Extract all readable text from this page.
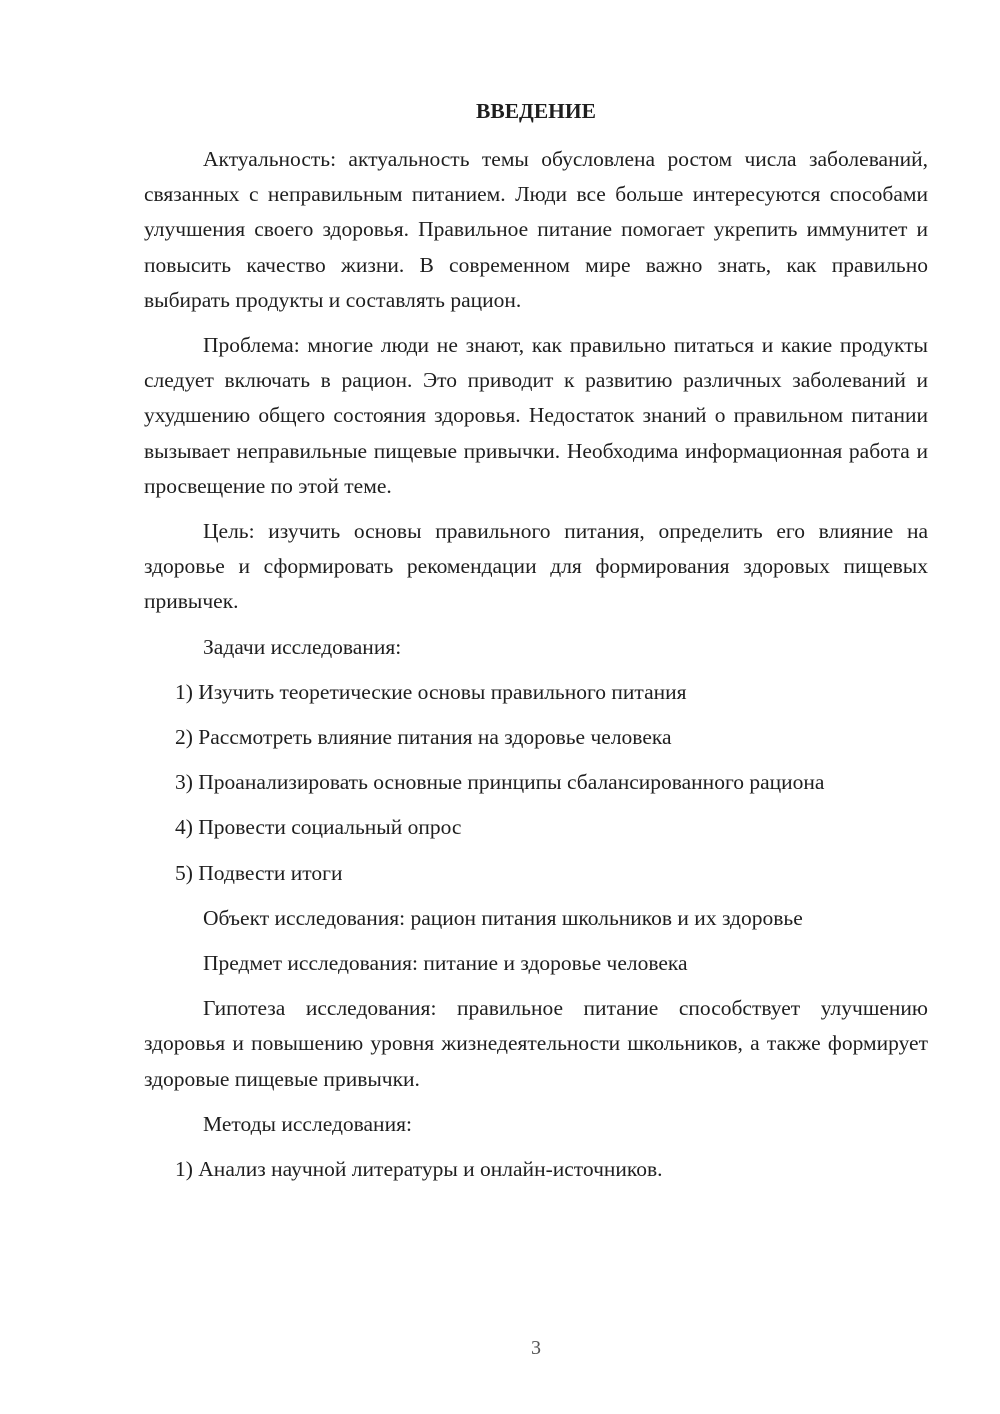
ВВЕДЕНИЕ

Актуальность: актуальность темы обусловлена ростом числа заболеваний, связанных с неправильным питанием. Люди все больше интересуются способами улучшения своего здоровья. Правильное питание помогает укрепить иммунитет и повысить качество жизни. В современном мире важно знать, как правильно выбирать продукты и составлять рацион.

Проблема: многие люди не знают, как правильно питаться и какие продукты следует включать в рацион. Это приводит к развитию различных заболеваний и ухудшению общего состояния здоровья. Недостаток знаний о правильном питании вызывает неправильные пищевые привычки. Необходима информационная работа и просвещение по этой теме.

Цель: изучить основы правильного питания, определить его влияние на здоровье и сформировать рекомендации для формирования здоровых пищевых привычек.

Задачи исследования:

1) Изучить теоретические основы правильного питания

2) Рассмотреть влияние питания на здоровье человека

3) Проанализировать основные принципы сбалансированного рациона

4) Провести социальный опрос

5) Подвести итоги

Объект исследования: рацион питания школьников и их здоровье

Предмет исследования: питание и здоровье человека

Гипотеза исследования: правильное питание способствует улучшению здоровья и повышению уровня жизнедеятельности школьников, а также формирует здоровые пищевые привычки.

Методы исследования:

1) Анализ научной литературы и онлайн-источников.

3
